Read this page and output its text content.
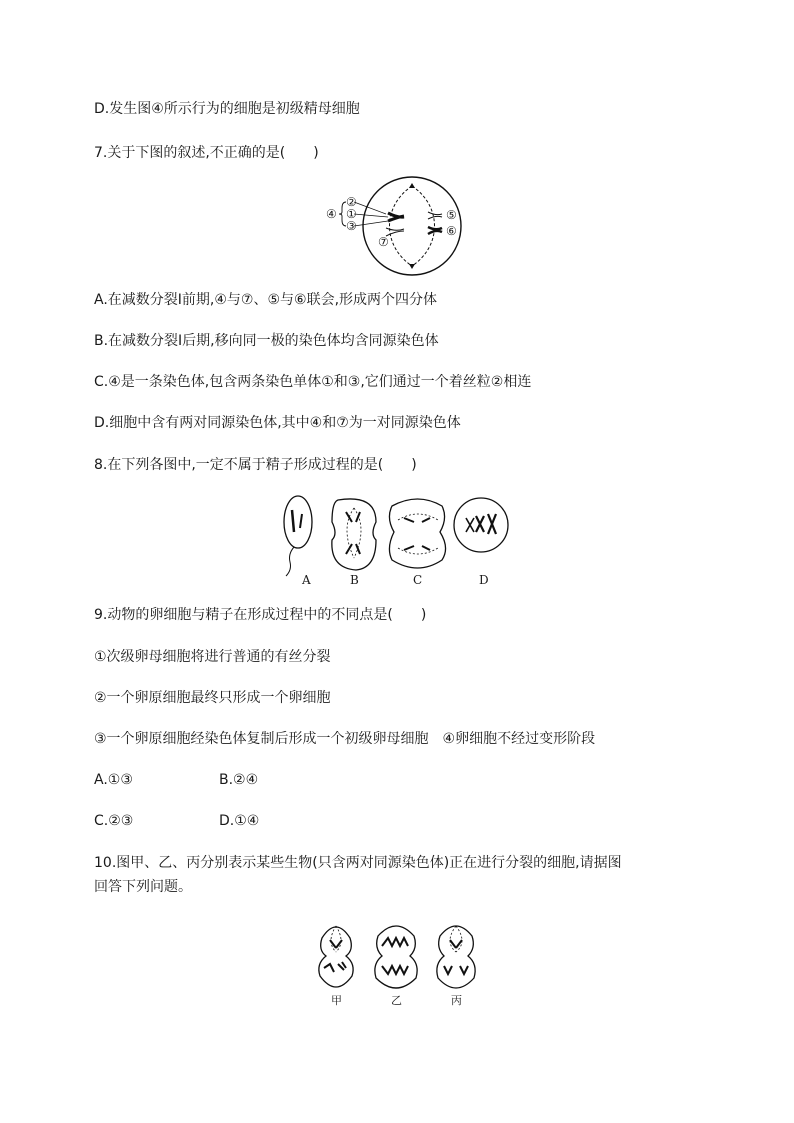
D.发生图④所示行为的细胞是初级精母细胞
7.关于下图的叙述,不正确的是(　　)
②
①
③
④	⑤
⑥
⑦
A.在减数分裂Ⅰ前期,④与⑦、⑤与⑥联会,形成两个四分体
B.在减数分裂Ⅰ后期,移向同一极的染色体均含同源染色体
C.④是一条染色体,包含两条染色单体①和③,它们通过一个着丝粒②相连
D.细胞中含有两对同源染色体,其中④和⑦为一对同源染色体
8.在下列各图中,一定不属于精子形成过程的是(　　)
A	B	C	D
9.动物的卵细胞与精子在形成过程中的不同点是(　　)
①次级卵母细胞将进行普通的有丝分裂
②一个卵原细胞最终只形成一个卵细胞
③一个卵原细胞经染色体复制后形成一个初级卵母细胞　④卵细胞不经过变形阶段
A.①③	B.②④
C.②③	D.①④
10.图甲、乙、丙分别表示某些生物(只含两对同源染色体)正在进行分裂的细胞,请据图
回答下列问题。
甲	乙	丙
